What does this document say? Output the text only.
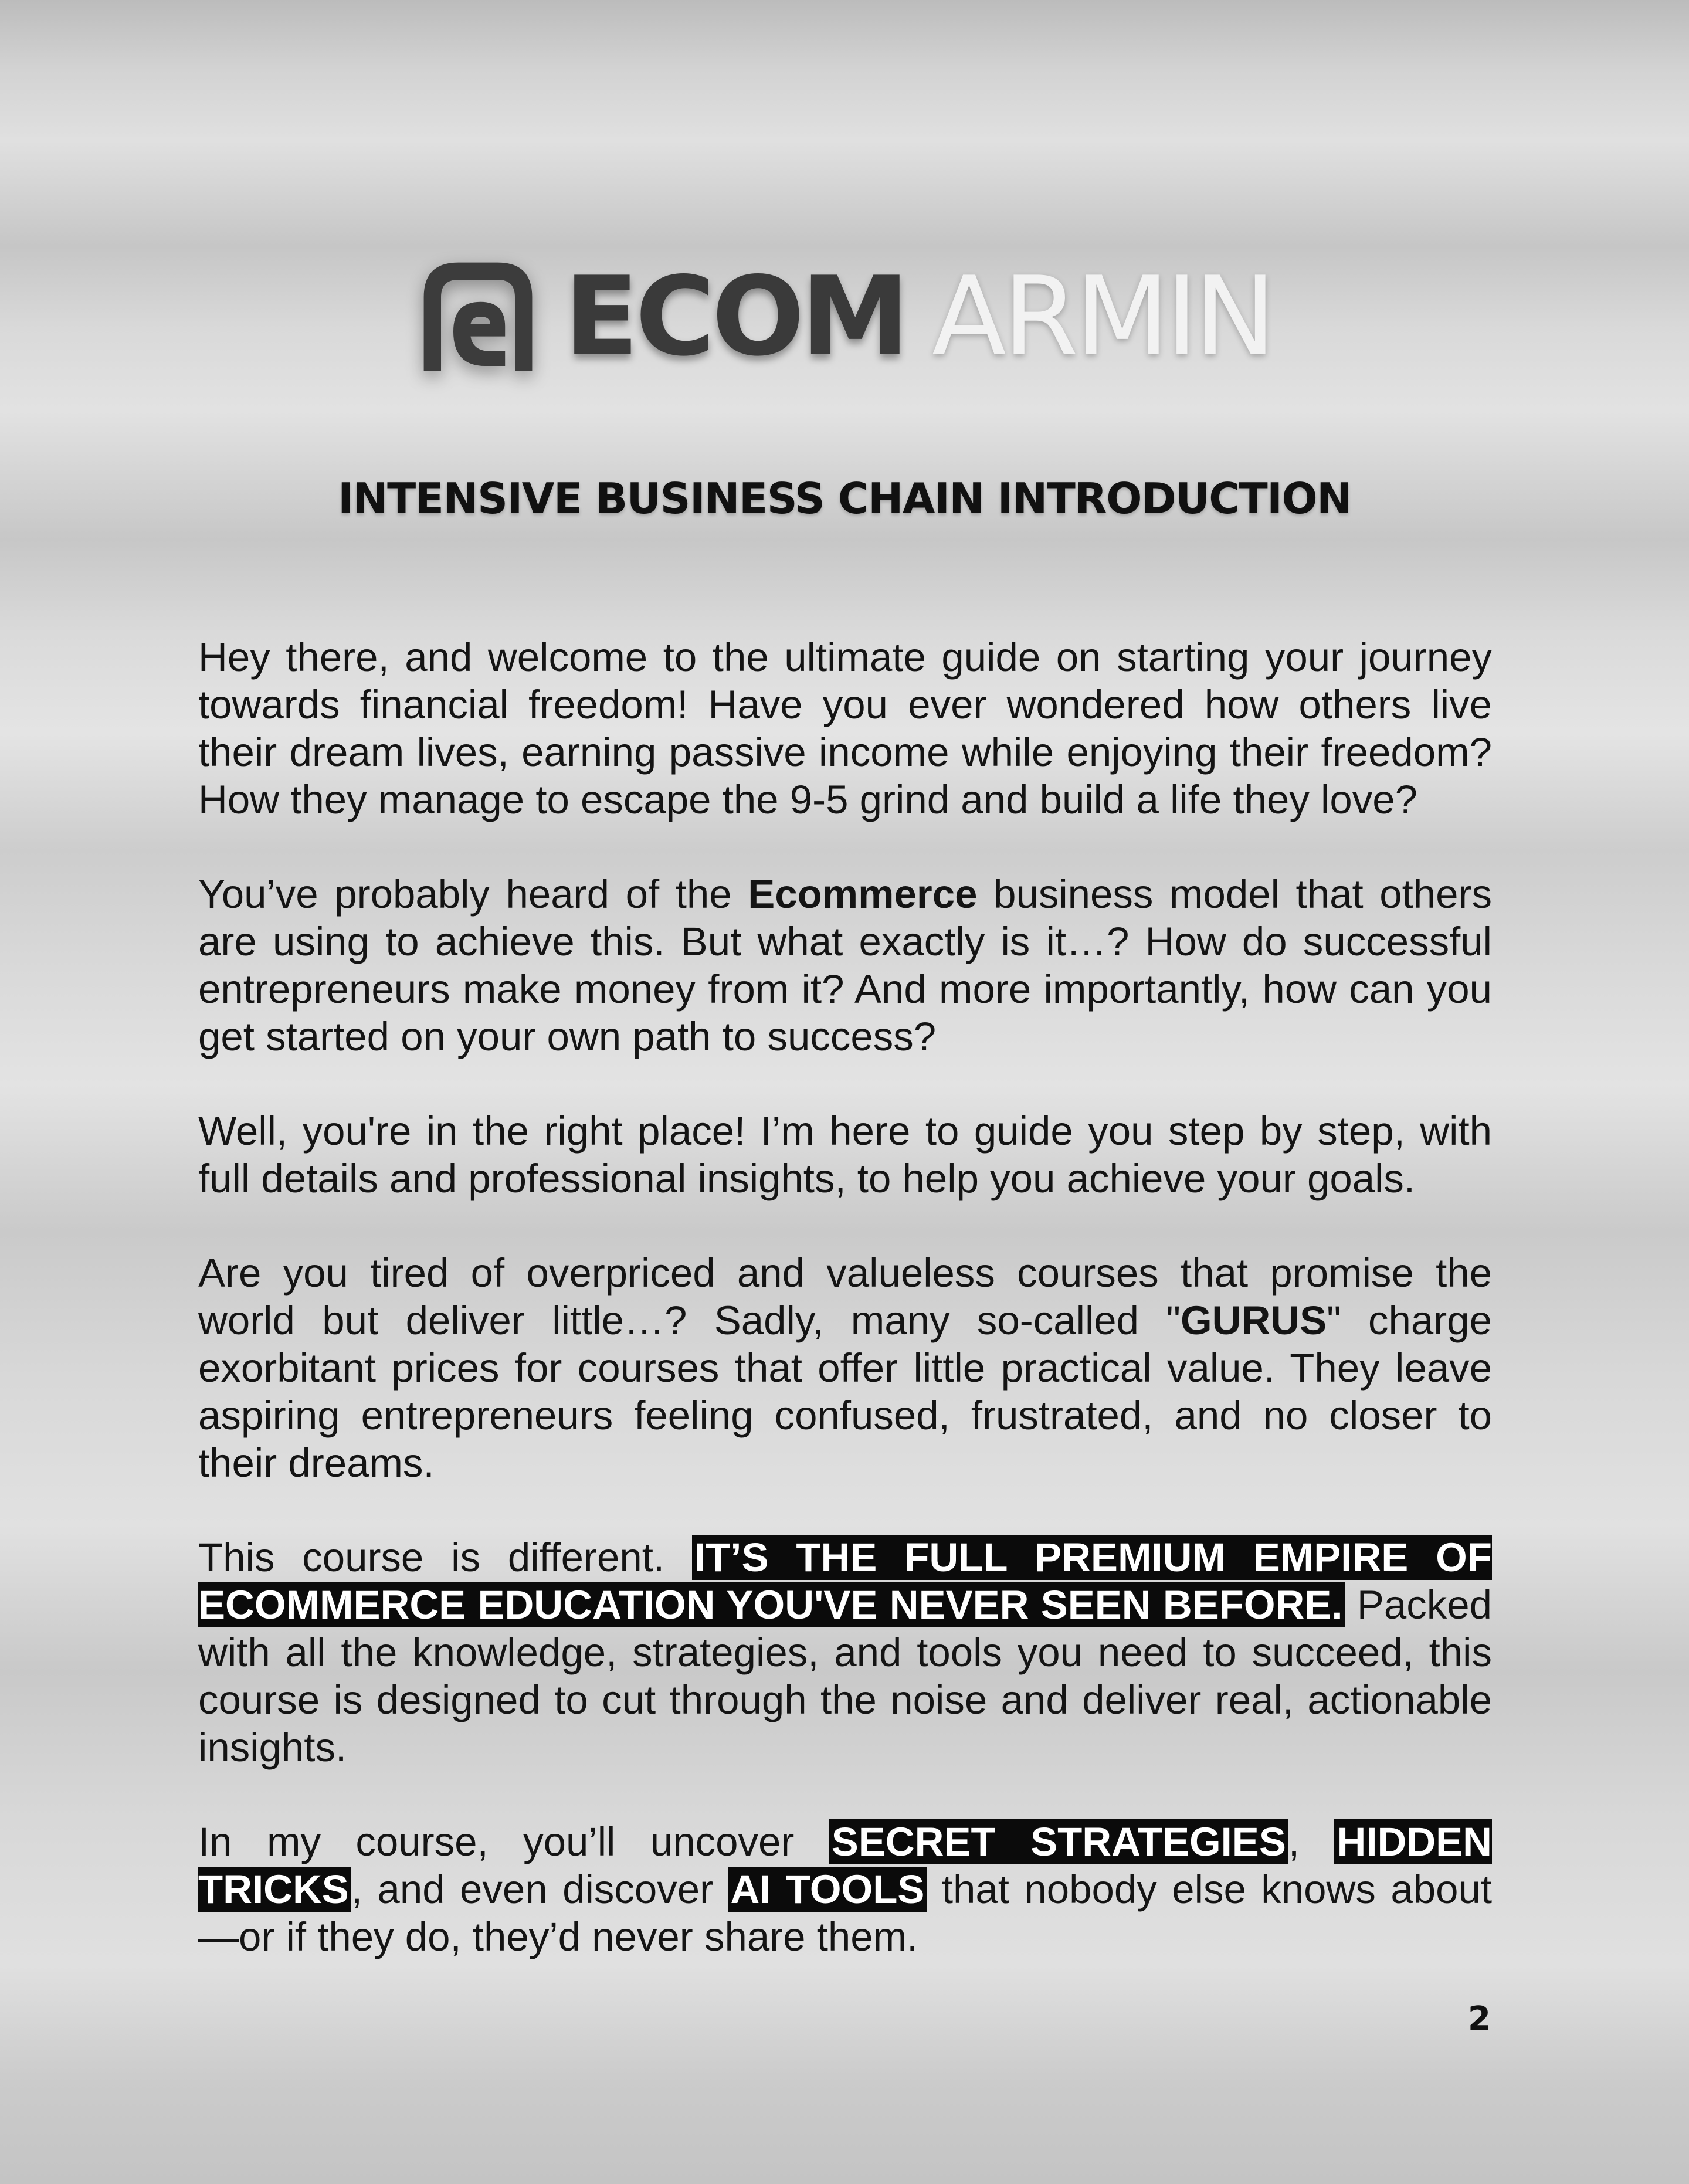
ECOM ARMIN
INTENSIVE BUSINESS CHAIN INTRODUCTION

Hey there, and welcome to the ultimate guide on starting your journey towards financial freedom! Have you ever wondered how others live their dream lives, earning passive income while enjoying their freedom? How they manage to escape the 9-5 grind and build a life they love?

You’ve probably heard of the Ecommerce business model that others are using to achieve this. But what exactly is it…? How do successful entrepreneurs make money from it? And more importantly, how can you get started on your own path to success?

Well, you're in the right place! I’m here to guide you step by step, with full details and professional insights, to help you achieve your goals.

Are you tired of overpriced and valueless courses that promise the world but deliver little…? Sadly, many so-called "GURUS" charge exorbitant prices for courses that offer little practical value. They leave aspiring entrepreneurs feeling confused, frustrated, and no closer to their dreams.

This course is different. IT’S THE FULL PREMIUM EMPIRE OF ECOMMERCE EDUCATION YOU'VE NEVER SEEN BEFORE. Packed with all the knowledge, strategies, and tools you need to succeed, this course is designed to cut through the noise and deliver real, actionable insights.

In my course, you’ll uncover SECRET STRATEGIES, HIDDEN TRICKS, and even discover AI TOOLS that nobody else knows about—or if they do, they’d never share them.

2
